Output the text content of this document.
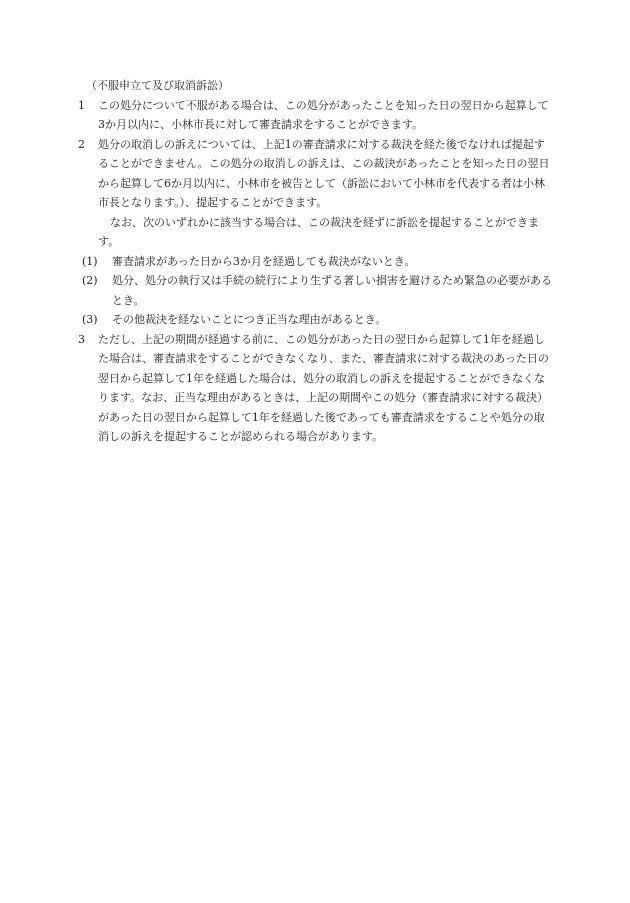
（不服申立て及び取消訴訟）
1	この処分について不服がある場合は、この処分があったことを知った日の翌日から起算して3か月以内に、小林市長に対して審査請求をすることができます。

2	処分の取消しの訴えについては、上記1の審査請求に対する裁決を経た後でなければ提起することができません。この処分の取消しの訴えは、この裁決があったことを知った日の翌日から起算して6か月以内に、小林市を被告として（訴訟において小林市を代表する者は小林市長となります。）、提起することができます。

なお、次のいずれかに該当する場合は、この裁決を経ずに訴訟を提起することができます。

(1)	審査請求があった日から3か月を経過しても裁決がないとき。
(2)	処分、処分の執行又は手続の続行により生ずる著しい損害を避けるため緊急の必要があるとき。
(3)	その他裁決を経ないことにつき正当な理由があるとき。
3	ただし、上記の期間が経過する前に、この処分があった日の翌日から起算して1年を経過した場合は、審査請求をすることができなくなり、また、審査請求に対する裁決のあった日の翌日から起算して1年を経過した場合は、処分の取消しの訴えを提起することができなくなります。なお、正当な理由があるときは、上記の期間やこの処分（審査請求に対する裁決）があった日の翌日から起算して1年を経過した後であっても審査請求をすることや処分の取消しの訴えを提起することが認められる場合があります。
